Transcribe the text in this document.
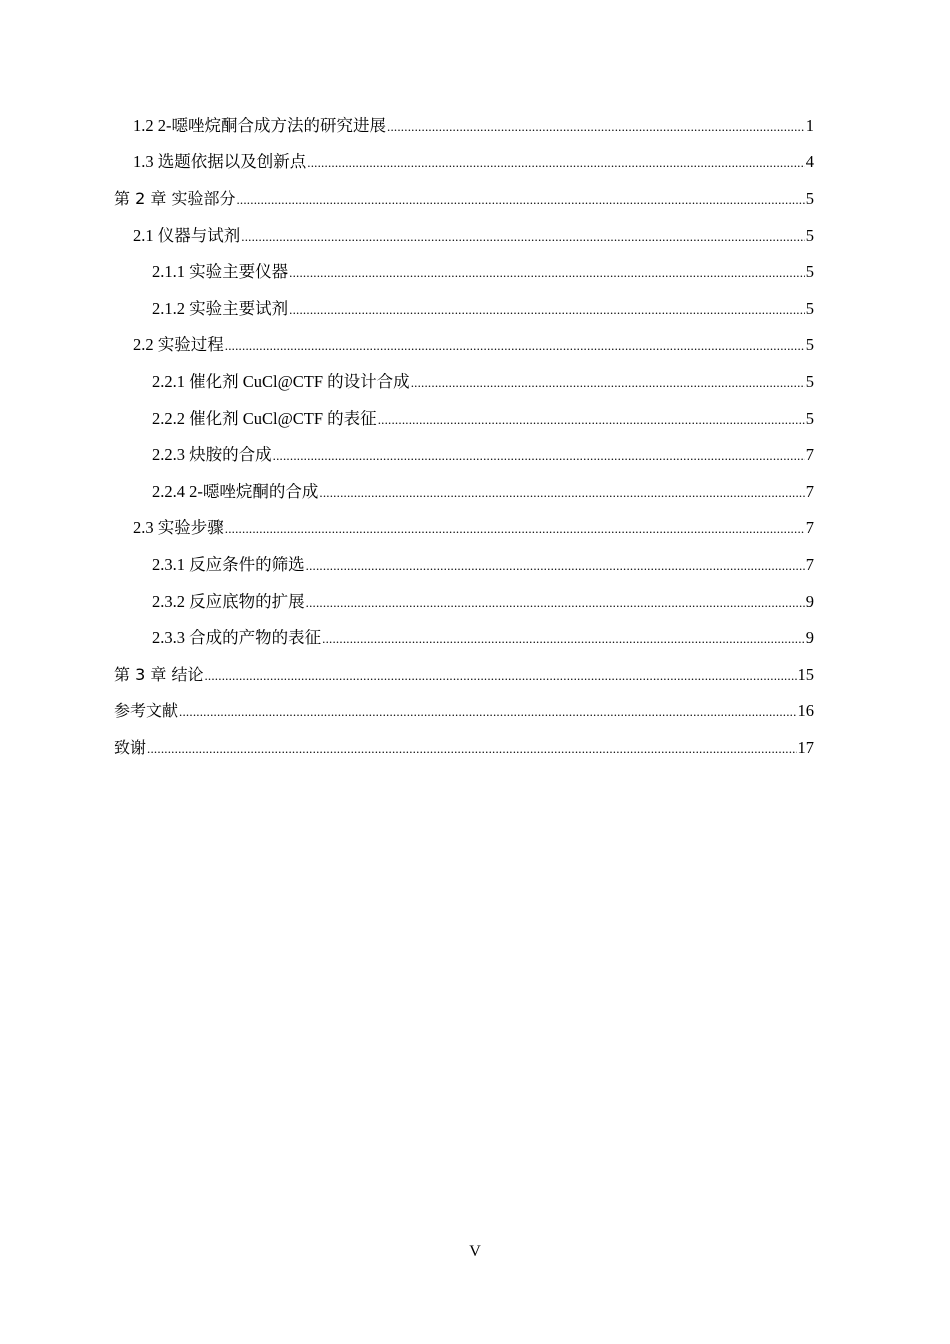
1.2 2-噁唑烷酮合成方法的研究进展 .....	1
1.3 选题依据以及创新点 .....	4
第 2 章 实验部分 .....	5
2.1 仪器与试剂 .....	5
2.1.1 实验主要仪器 .....	5
2.1.2 实验主要试剂 .....	5
2.2 实验过程 .....	5
2.2.1 催化剂 CuCl@CTF 的设计合成 .....	5
2.2.2 催化剂 CuCl@CTF 的表征 .....	5
2.2.3 炔胺的合成 .....	7
2.2.4 2-噁唑烷酮的合成 .....	7
2.3 实验步骤 .....	7
2.3.1 反应条件的筛选 .....	7
2.3.2 反应底物的扩展 .....	9
2.3.3 合成的产物的表征 .....	9
第 3 章 结论 .....	15
参考文献 .....	16
致谢 .....	17
V
